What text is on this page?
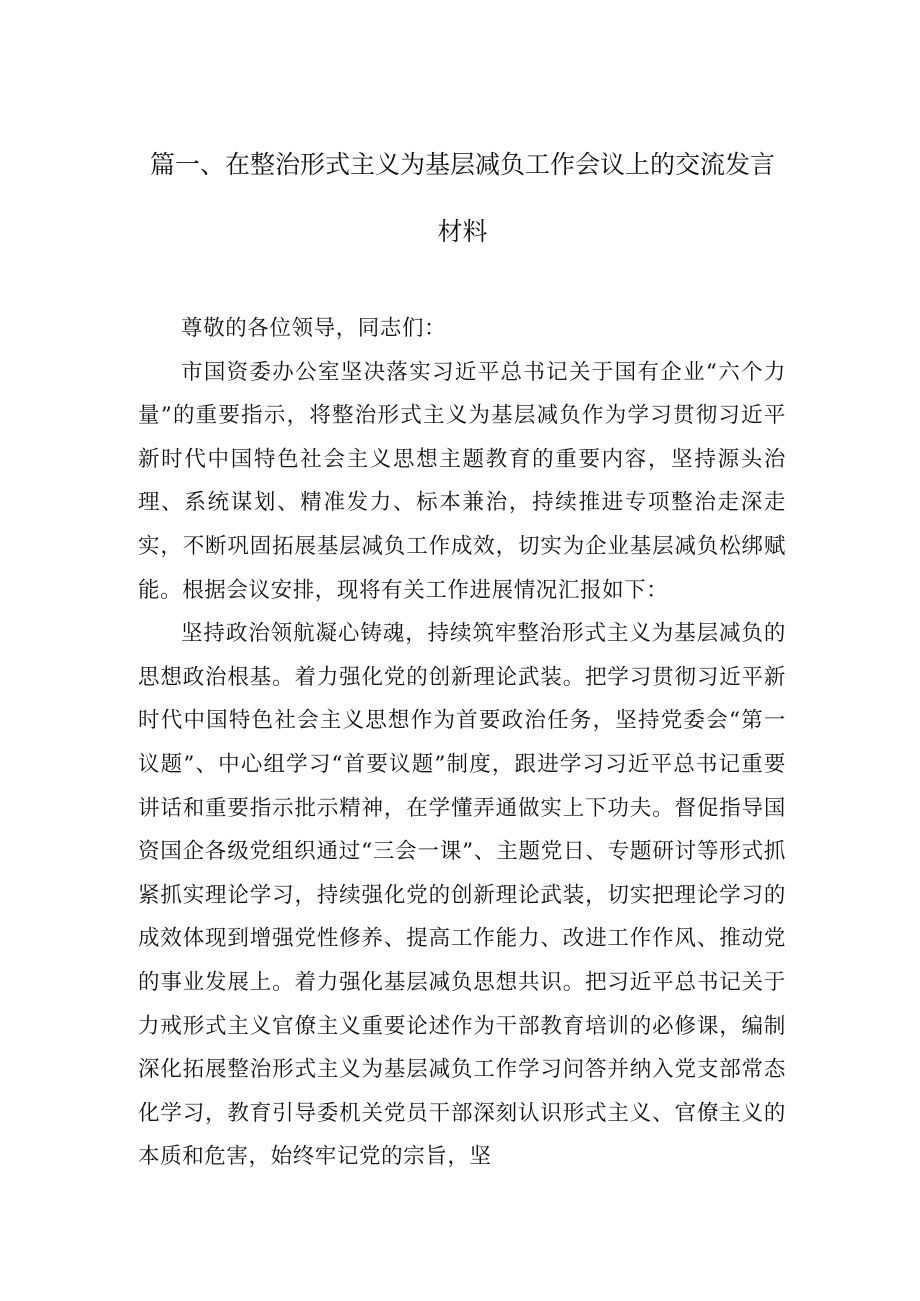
篇一、在整治形式主义为基层减负工作会议上的交流发言
材料

尊敬的各位领导，同志们：

市国资委办公室坚决落实习近平总书记关于国有企业“六个力量”的重要指示，将整治形式主义为基层减负作为学习贯彻习近平新时代中国特色社会主义思想主题教育的重要内容，坚持源头治理、系统谋划、精准发力、标本兼治，持续推进专项整治走深走实，不断巩固拓展基层减负工作成效，切实为企业基层减负松绑赋能。根据会议安排，现将有关工作进展情况汇报如下：

坚持政治领航凝心铸魂，持续筑牢整治形式主义为基层减负的思想政治根基。着力强化党的创新理论武装。把学习贯彻习近平新时代中国特色社会主义思想作为首要政治任务，坚持党委会“第一议题”、中心组学习“首要议题”制度，跟进学习习近平总书记重要讲话和重要指示批示精神，在学懂弄通做实上下功夫。督促指导国资国企各级党组织通过“三会一课”、主题党日、专题研讨等形式抓紧抓实理论学习，持续强化党的创新理论武装，切实把理论学习的成效体现到增强党性修养、提高工作能力、改进工作作风、推动党的事业发展上。着力强化基层减负思想共识。把习近平总书记关于力戒形式主义官僚主义重要论述作为干部教育培训的必修课，编制深化拓展整治形式主义为基层减负工作学习问答并纳入党支部常态化学习，教育引导委机关党员干部深刻认识形式主义、官僚主义的本质和危害，始终牢记党的宗旨，坚
